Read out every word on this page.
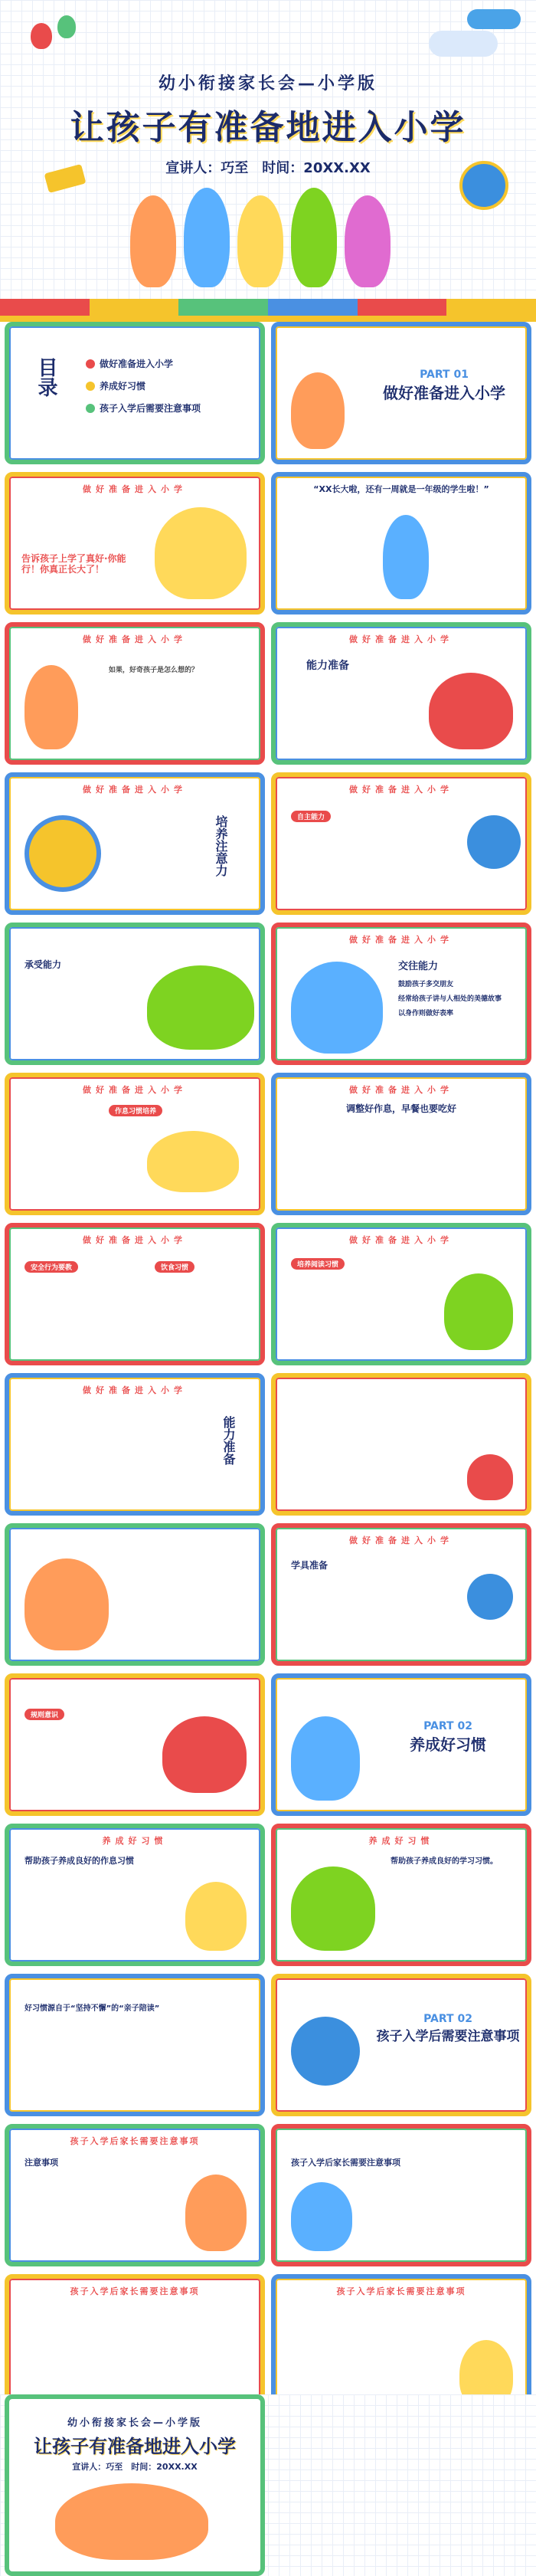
幼小衔接家长会—小学版
让孩子有准备地进入小学
宣讲人：巧至　时间：20XX.XX
目录	做好准备进入小学
养成好习惯
孩子入学后需要注意事项
PART 01
做好准备进入小学
做好准备进入小学
告诉孩子上学了真好·你能行！你真正长大了！
“XX长大啦，还有一周就是一年级的学生啦！”
做好准备进入小学
如果，好奇孩子是怎么想的？
做好准备进入小学
能力准备
做好准备进入小学
培养注意力
做好准备进入小学
自主能力
承受能力
做好准备进入小学
交往能力
鼓励孩子多交朋友
经常给孩子讲与人相处的美德故事
以身作则做好表率
做好准备进入小学
作息习惯培养
做好准备进入小学
调整好作息，早餐也要吃好
做好准备进入小学
安全行为要教	饮食习惯
做好准备进入小学
培养阅读习惯
做好准备进入小学
能力准备
做好准备进入小学
学具准备
规则意识
PART 02
养成好习惯
养成好习惯
帮助孩子养成良好的作息习惯
养成好习惯
帮助孩子养成良好的学习习惯。
好习惯源自于“坚持不懈”的“亲子陪读”
PART 02
孩子入学后需要注意事项
孩子入学后家长需要注意事项
注意事项	孩子入学后家长需要注意事项
孩子入学后家长需要注意事项	孩子入学后家长需要注意事项
幼小衔接家长会—小学版
让孩子有准备地进入小学
宣讲人：巧至　时间：20XX.XX
